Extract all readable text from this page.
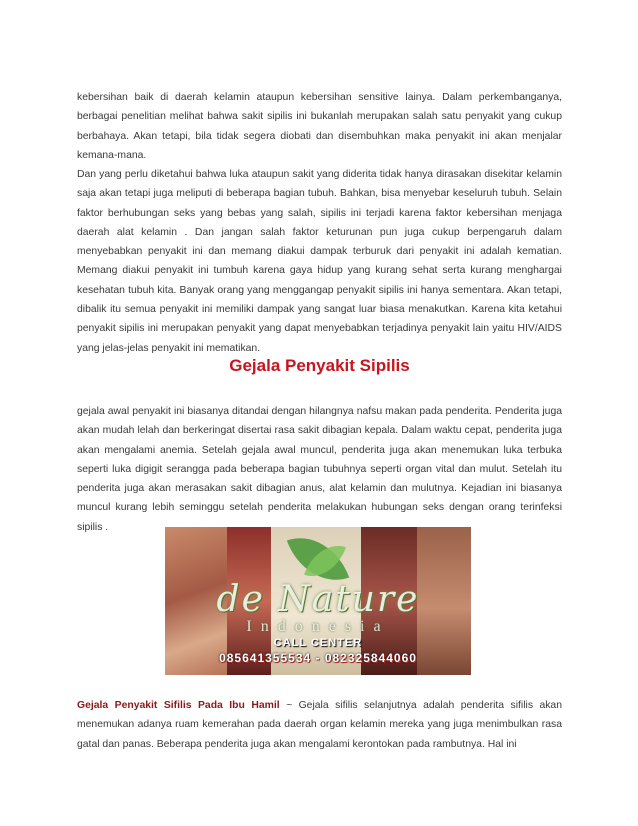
kebersihan baik di daerah kelamin ataupun kebersihan sensitive lainya. Dalam perkembanganya, berbagai penelitian melihat bahwa sakit sipilis ini bukanlah merupakan salah satu penyakit yang cukup berbahaya. Akan tetapi, bila tidak segera diobati dan disembuhkan maka penyakit ini akan menjalar kemana-mana.

Dan yang perlu diketahui bahwa luka ataupun sakit yang diderita tidak hanya dirasakan disekitar kelamin saja akan tetapi juga meliputi di beberapa bagian tubuh. Bahkan, bisa menyebar keseluruh tubuh. Selain faktor berhubungan seks yang bebas yang salah, sipilis ini terjadi karena faktor kebersihan menjaga daerah alat kelamin . Dan jangan salah faktor keturunan pun juga cukup berpengaruh dalam menyebabkan penyakit ini dan memang diakui dampak terburuk dari penyakit ini adalah kematian. Memang diakui penyakit ini tumbuh karena gaya hidup yang kurang sehat serta kurang menghargai kesehatan tubuh kita. Banyak orang yang menggangap penyakit sipilis ini hanya sementara. Akan tetapi, dibalik itu semua penyakit ini memiliki dampak yang sangat luar biasa menakutkan. Karena kita ketahui penyakit sipilis ini merupakan penyakit yang dapat menyebabkan terjadinya penyakit lain yaitu HIV/AIDS yang jelas-jelas penyakit ini mematikan.

Gejala Penyakit Sipilis

gejala awal penyakit ini biasanya ditandai dengan hilangnya nafsu makan pada penderita. Penderita juga akan mudah lelah dan berkeringat disertai rasa sakit dibagian kepala. Dalam waktu cepat, penderita juga akan mengalami anemia. Setelah gejala awal muncul, penderita juga akan menemukan luka terbuka seperti luka digigit serangga pada beberapa bagian tubuhnya seperti organ vital dan mulut. Setelah itu penderita juga akan merasakan sakit dibagian anus, alat kelamin dan mulutnya. Kejadian ini biasanya muncul kurang lebih seminggu setelah penderita melakukan hubungan seks dengan orang terinfeksi sipilis .

de Nature
Indonesia
CALL CENTER
085641355534 - 082325844060

Gejala Penyakit Sifilis Pada Ibu Hamil ~ Gejala sifilis selanjutnya adalah penderita sifilis akan menemukan adanya ruam kemerahan pada daerah organ kelamin mereka yang juga menimbulkan rasa gatal dan panas. Beberapa penderita juga akan mengalami kerontokan pada rambutnya. Hal ini
